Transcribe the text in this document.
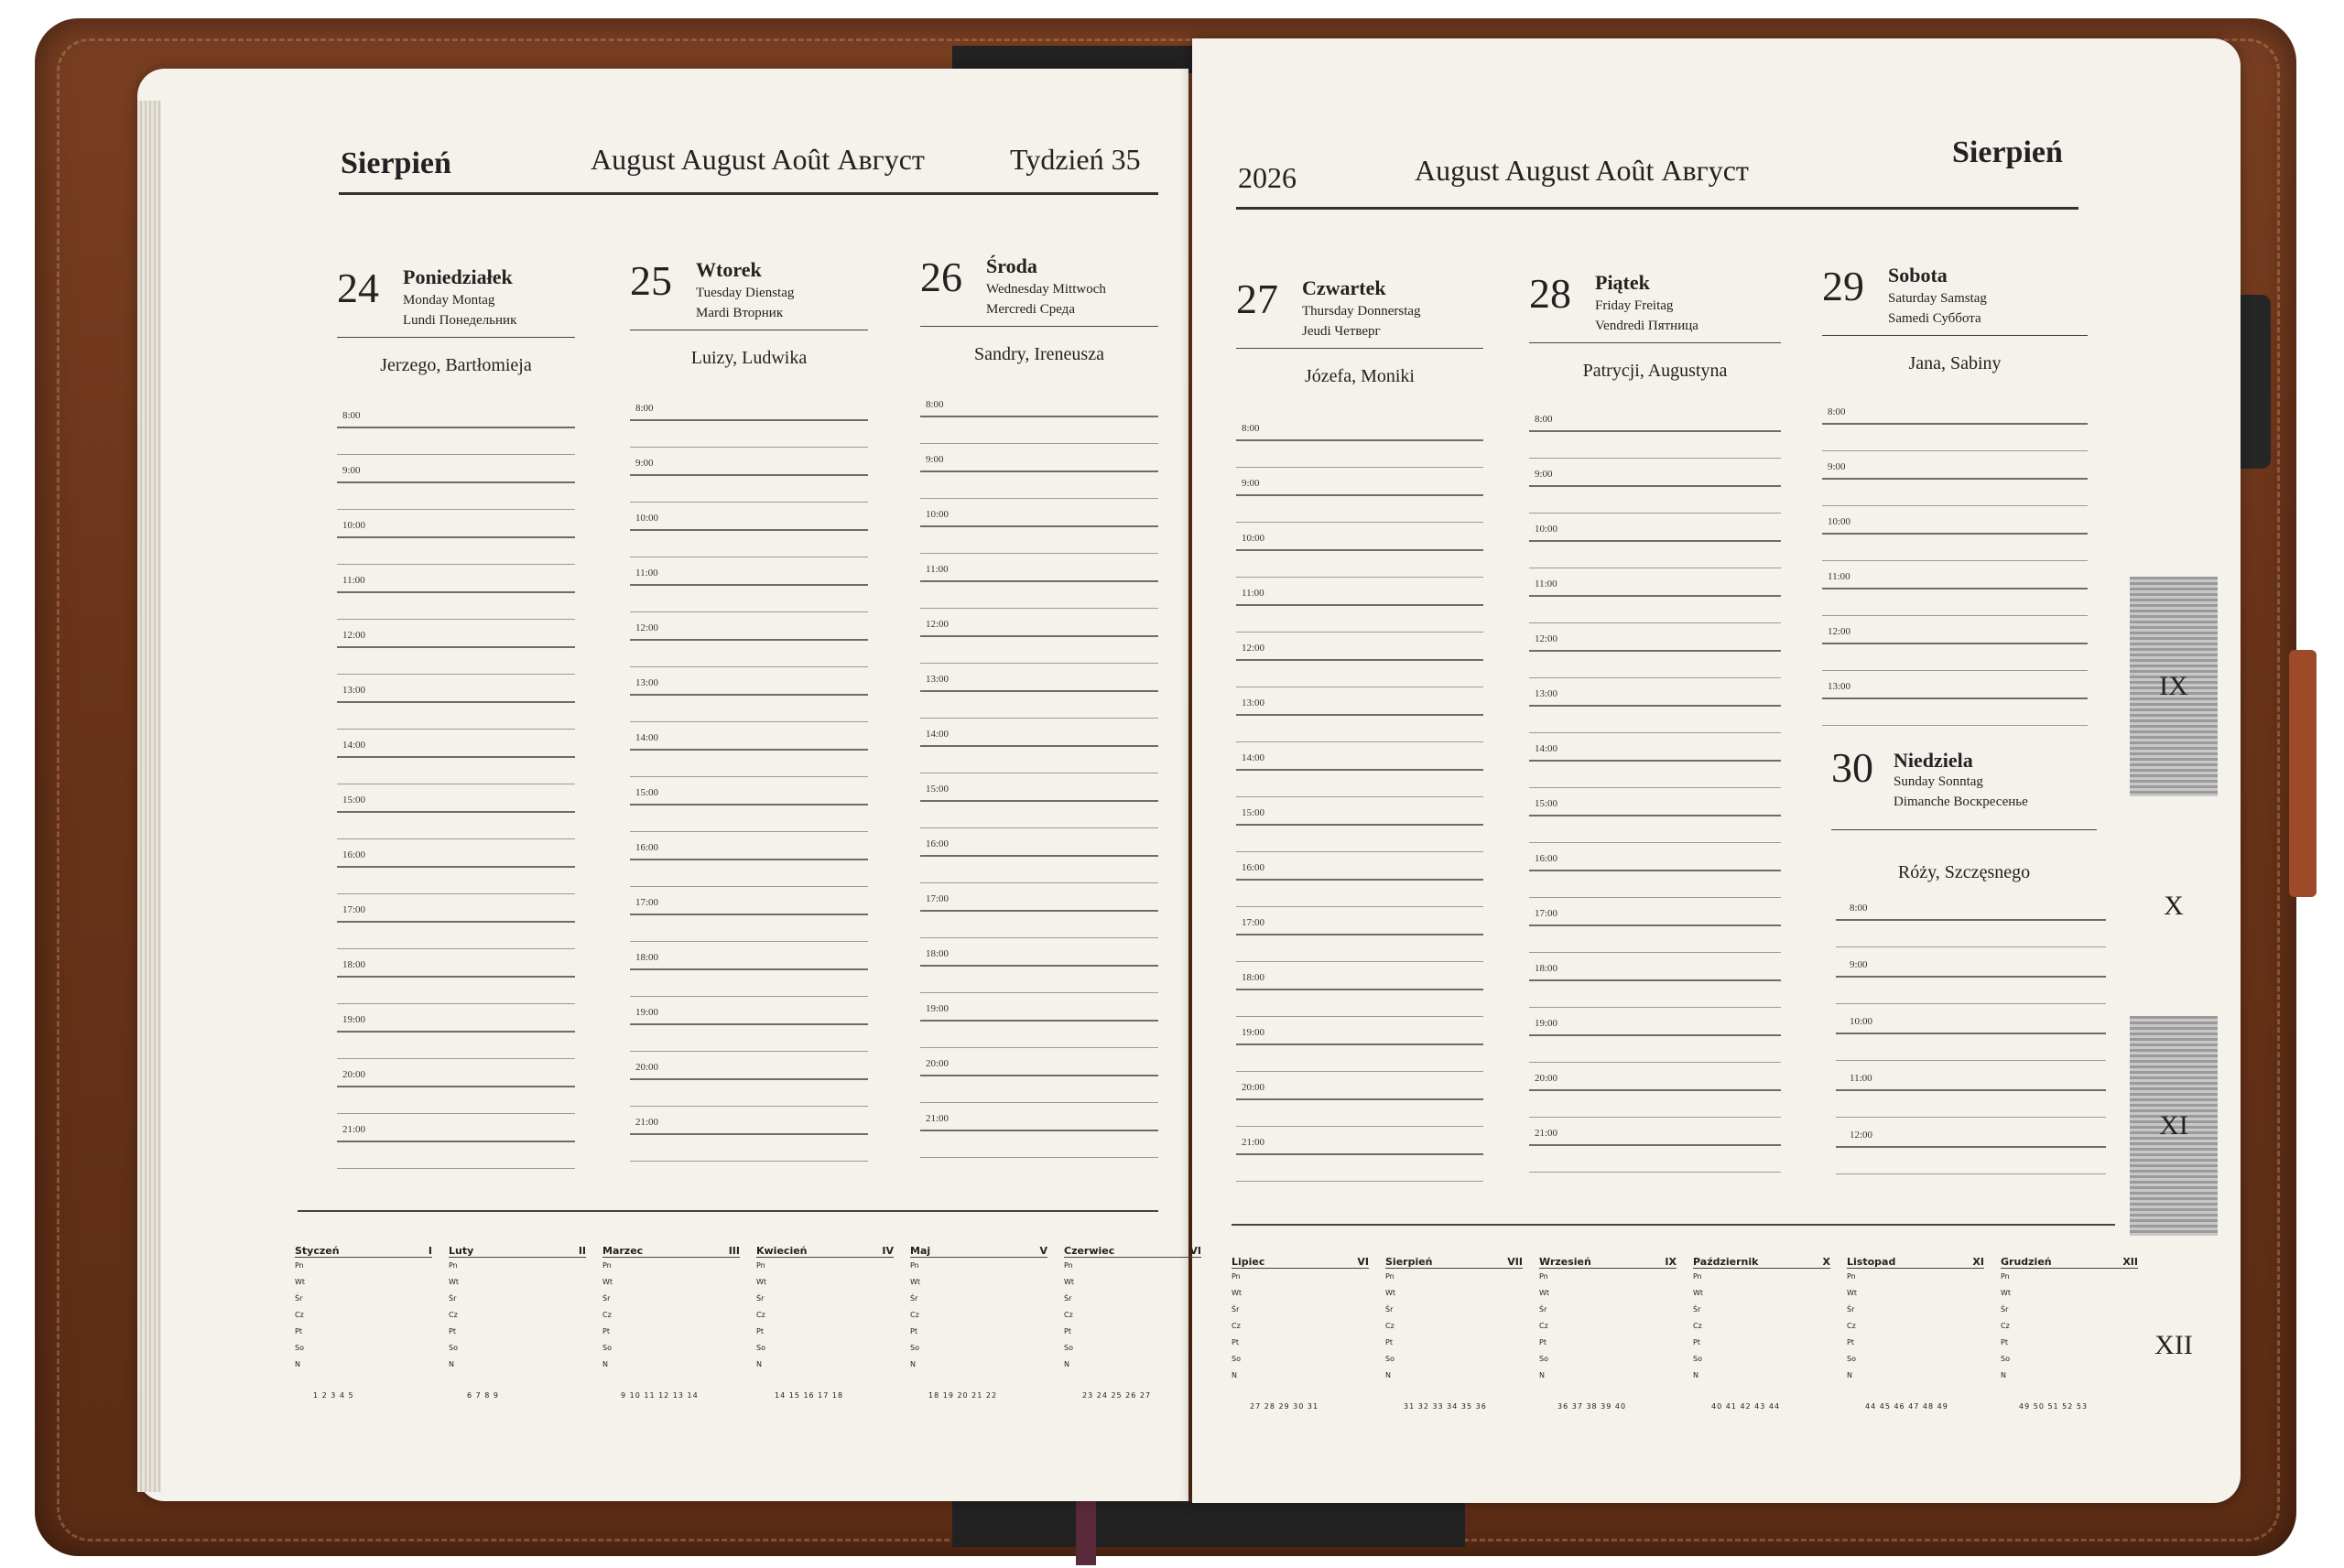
Sierpień	August August Août Август	Tydzień 35
2026	August August Août Август
Sierpień
24 Poniedziałek
Monday Montag
Lundi Понедельник
Jerzego, Bartłomieja
8:00
9:00
10:00
11:00
12:00
13:00
14:00
15:00
16:00
17:00
18:00
19:00
20:00
21:00
25 Wtorek
Tuesday Dienstag
Mardi Вторник
Luizy, Ludwika
8:00
9:00
10:00
11:00
12:00
13:00
14:00
15:00
16:00
17:00
18:00
19:00
20:00
21:00
26 Środa
Wednesday Mittwoch
Mercredi Среда
Sandry, Ireneusza
8:00
9:00
10:00
11:00
12:00
13:00
14:00
15:00
16:00
17:00
18:00
19:00
20:00
21:00
27 Czwartek
Thursday Donnerstag
Jeudi Четверг
Józefa, Moniki
8:00
9:00
10:00
11:00
12:00
13:00
14:00
15:00
16:00
17:00
18:00
19:00
20:00
21:00
28 Piątek
Friday Freitag
Vendredi Пятница
Patrycji, Augustyna
8:00
9:00
10:00
11:00
12:00
13:00
14:00
15:00
16:00
17:00
18:00
19:00
20:00
21:00
29 Sobota
Saturday Samstag
Samedi Суббота
Jana, Sabiny
8:00
9:00
10:00
11:00
12:00
13:00
8:00
9:00
10:00
11:00
12:00
30 Niedziela
Sunday Sonntag
Dimanche Воскресенье
Róży, Szczęsnego
Styczeń	I
Pn
Wt
Śr
Cz
Pt
So
N
1 2 3 4 5
Luty	II
Pn
Wt
Śr
Cz
Pt
So
N
6 7 8 9
Marzec	III
Pn
Wt
Śr
Cz
Pt
So
N
9 10 11 12 13 14
Kwiecień	IV
Pn
Wt
Śr
Cz
Pt
So
N
14 15 16 17 18
Maj	V
Pn
Wt
Śr
Cz
Pt
So
N
18 19 20 21 22
Czerwiec	VI
Pn
Wt
Śr
Cz
Pt
So
N
23 24 25 26 27
Lipiec	VI
Pn
Wt
Śr
Cz
Pt
So
N
27 28 29 30 31
Sierpień	VII
Pn
Wt
Śr
Cz
Pt
So
N
31 32 33 34 35 36
Wrzesień	IX
Pn
Wt
Śr
Cz
Pt
So
N
36 37 38 39 40
Październik	X
Pn
Wt
Śr
Cz
Pt
So
N
40 41 42 43 44
Listopad	XI
Pn
Wt
Śr
Cz
Pt
So
N
44 45 46 47 48 49
Grudzień	XII
Pn
Wt
Śr
Cz
Pt
So
N
49 50 51 52 53
IX
X
XI
XII
